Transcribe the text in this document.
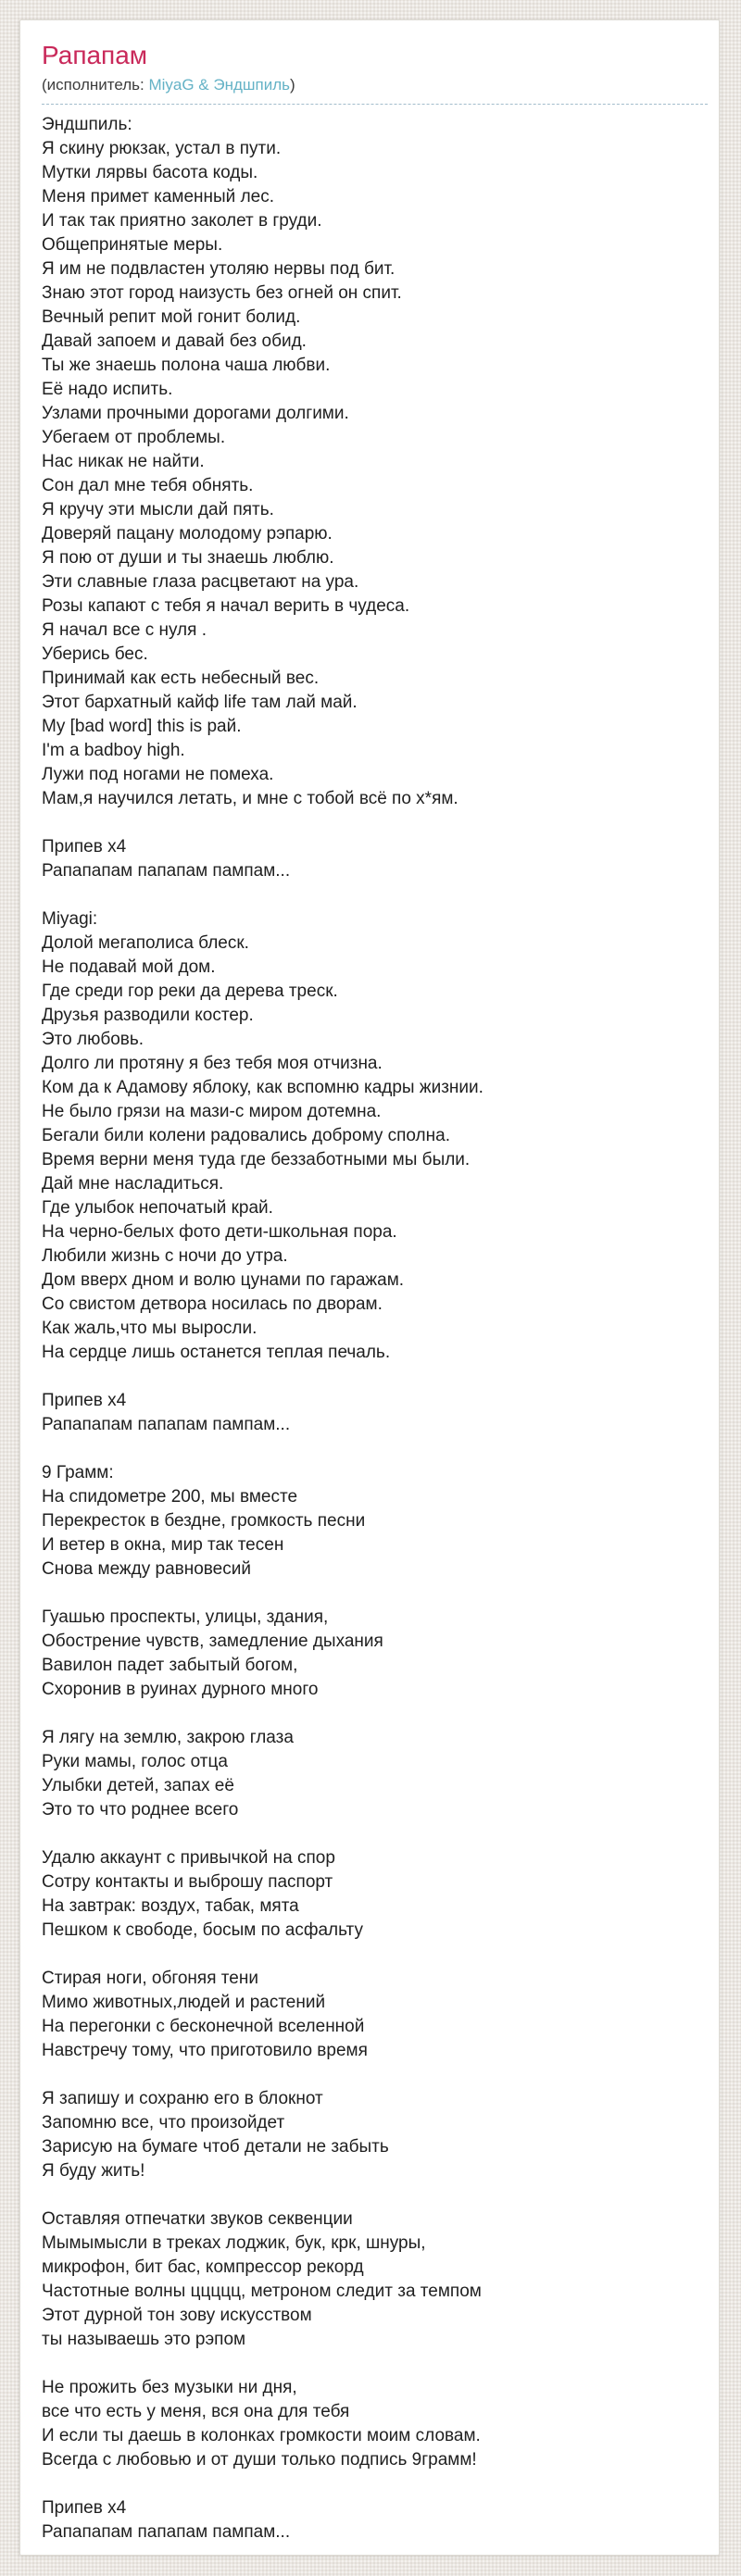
Рапапам
(исполнитель: MiyaG & Эндшпиль)
Эндшпиль:
Я скину рюкзак, устал в пути.
Мутки лярвы басота коды.
Меня примет каменный лес.
И так так приятно заколет в груди.
Общепринятые меры.
Я им не подвластен утоляю нервы под бит.
Знаю этот город наизусть без огней он спит.
Вечный репит мой гонит болид.
Давай запоем и давай без обид.
Ты же знаешь полона чаша любви.
Её надо испить.
Узлами прочными дорогами долгими.
Убегаем от проблемы.
Нас никак не найти.
Сон дал мне тебя обнять.
Я кручу эти мысли дай пять.
Доверяй пацану молодому рэпарю.
Я пою от души и ты знаешь люблю.
Эти славные глаза расцветают на ура.
Розы капают с тебя я начал верить в чудеса.
Я начал все с нуля .
Уберись бес.
Принимай как есть небесный вес.
Этот бархатный кайф life там лай май.
My [bad word] this is рай.
I'm a badboy high.
Лужи под ногами не помеха.
Мам,я научился летать, и мне с тобой всё по х*ям.
Припев x4
Рапапапам папапам пампам...
Miyagi:
Долой мегаполиса блеск.
Не подавай мой дом.
Где среди гор реки да дерева треск.
Друзья разводили костер.
Это любовь.
Долго ли протяну я без тебя моя отчизна.
Ком да к Адамову яблоку, как вспомню кадры жизнии.
Не было грязи на мази-с миром дотемна.
Бегали били колени радовались доброму сполна.
Время верни меня туда где беззаботными мы были.
Дай мне насладиться.
Где улыбок непочатый край.
На черно-белых фото дети-школьная пора.
Любили жизнь с ночи до утра.
Дом вверх дном и волю цунами по гаражам.
Со свистом детвора носилась по дворам.
Как жаль,что мы выросли.
На сердце лишь останется теплая печаль.
Припев x4
Рапапапам папапам пампам...
9 Грамм:
На спидометре 200, мы вместе
Перекресток в бездне, громкость песни
И ветер в окна, мир так тесен
Снова между равновесий
Гуашью проспекты, улицы, здания,
Обострение чувств, замедление дыхания
Вавилон падет забытый богом,
Схоронив в руинах дурного много
Я лягу на землю, закрою глаза
Руки мамы, голос отца
Улыбки детей, запах её
Это то что роднее всего
Удалю аккаунт с привычкой на спор
Сотру контакты и выброшу паспорт
На завтрак: воздух, табак, мята
Пешком к свободе, босым по асфальту
Стирая ноги, обгоняя тени
Мимо животных,людей и растений
На перегонки с бесконечной вселенной
Навстречу тому, что приготовило время
Я запишу и сохраню его в блокнот
Запомню все, что произойдет
Зарисую на бумаге чтоб детали не забыть
Я буду жить!
Оставляя отпечатки звуков секвенции
Мымымысли в треках лоджик, бук, крк, шнуры,
микрофон, бит бас, компрессор рекорд
Частотные волны ццццц, метроном следит за темпом
Этот дурной тон зову искусством
ты называешь это рэпом
Не прожить без музыки ни дня,
все что есть у меня, вся она для тебя
И если ты даешь в колонках громкости моим словам.
Всегда с любовью и от души только подпись 9грамм!
Припев x4
Рапапапам папапам пампам...
